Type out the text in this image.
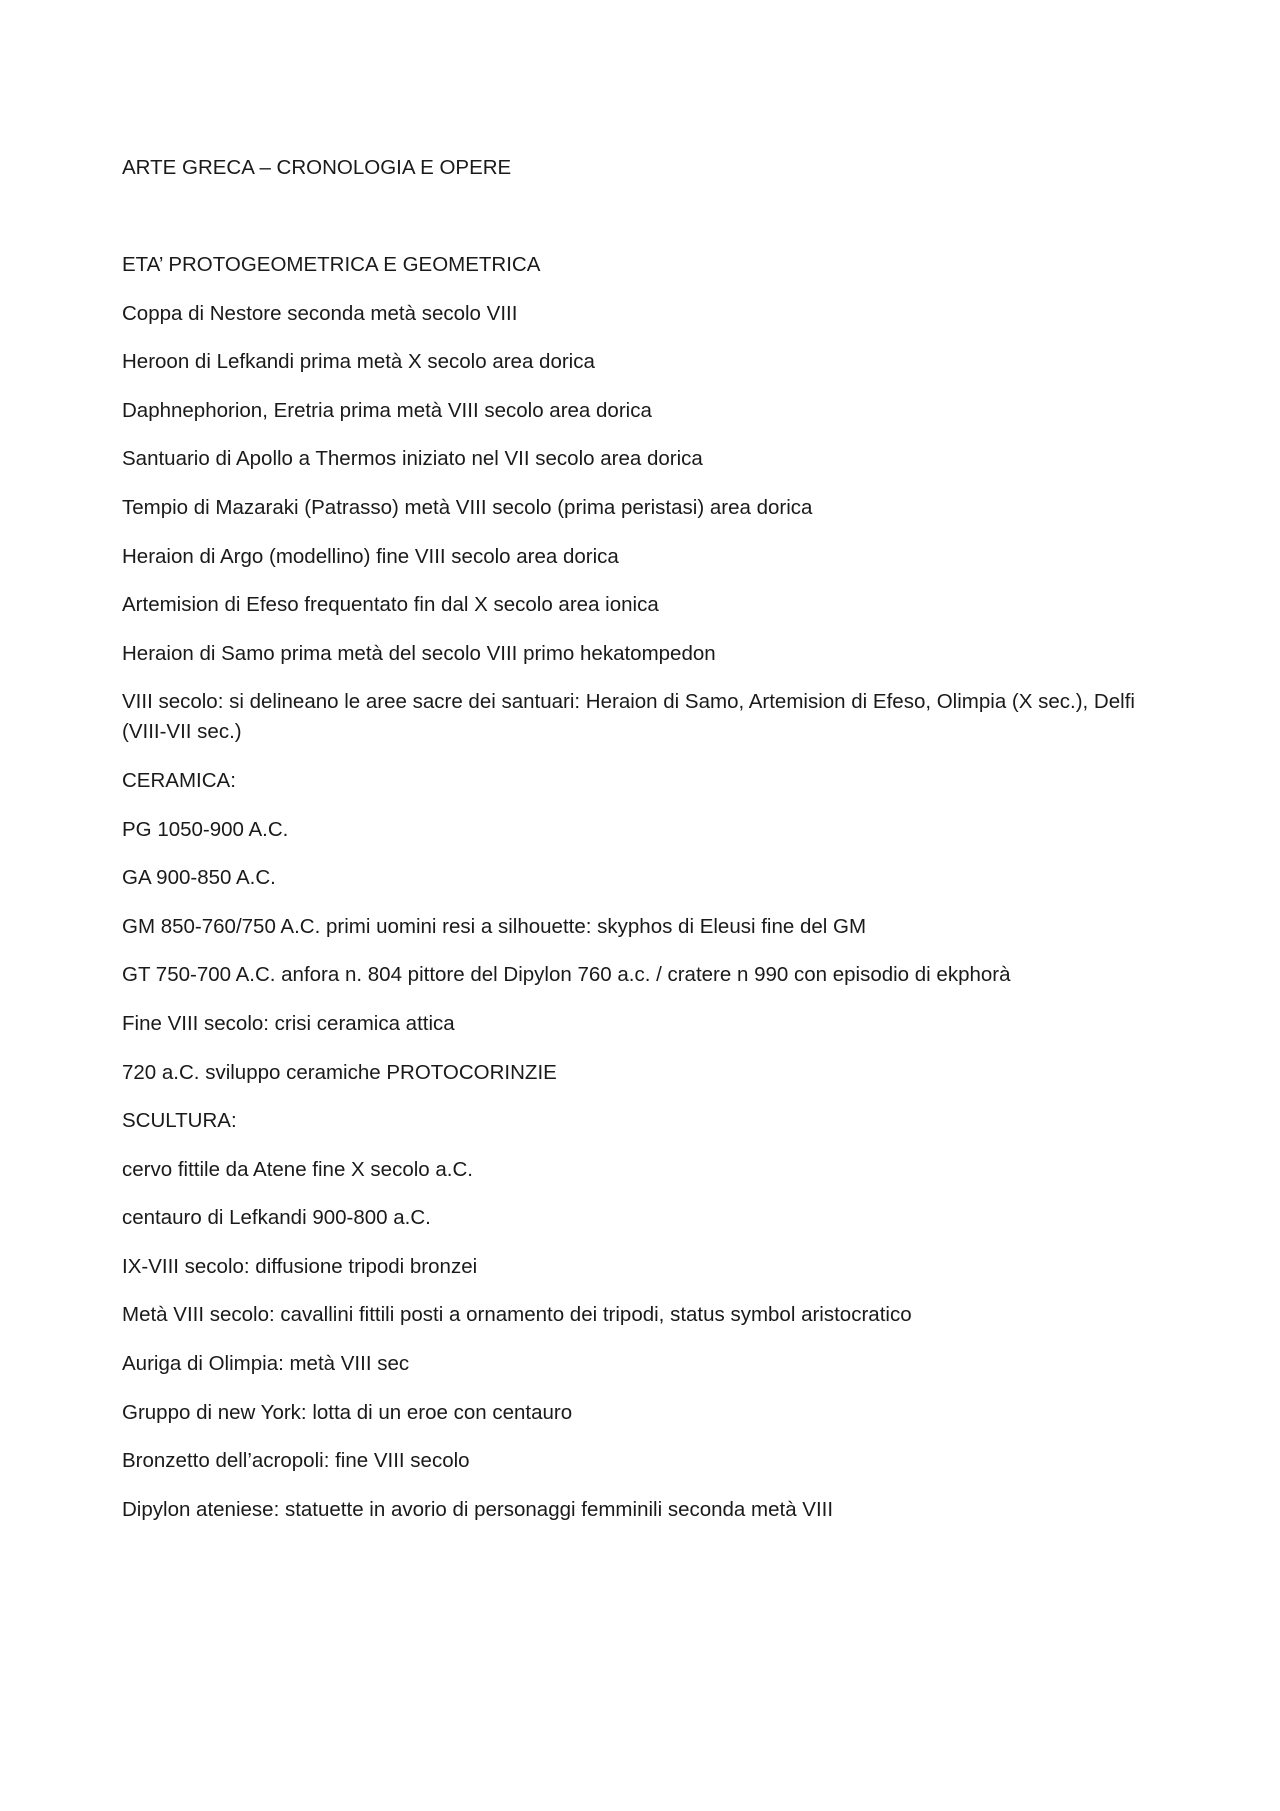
ARTE GRECA – CRONOLOGIA E OPERE

ETA’ PROTOGEOMETRICA E GEOMETRICA

Coppa di Nestore seconda metà secolo VIII

Heroon di Lefkandi prima metà X secolo area dorica

Daphnephorion, Eretria prima metà VIII secolo area dorica

Santuario di Apollo a Thermos iniziato nel VII secolo area dorica

Tempio di Mazaraki (Patrasso) metà VIII secolo (prima peristasi) area dorica

Heraion di Argo (modellino) fine VIII secolo area dorica

Artemision di Efeso frequentato fin dal X secolo area ionica

Heraion di Samo prima metà del secolo VIII primo hekatompedon

VIII secolo: si delineano le aree sacre dei santuari: Heraion di Samo, Artemision di Efeso, Olimpia (X sec.), Delfi (VIII-VII sec.)

CERAMICA:

PG 1050-900 A.C.

GA 900-850 A.C.

GM 850-760/750 A.C. primi uomini resi a silhouette: skyphos di Eleusi fine del GM

GT 750-700 A.C. anfora n. 804 pittore del Dipylon 760 a.c. / cratere n 990 con episodio di ekphorà

Fine VIII secolo: crisi ceramica attica

720 a.C. sviluppo ceramiche PROTOCORINZIE

SCULTURA:

cervo fittile da Atene fine X secolo a.C.

centauro di Lefkandi 900-800 a.C.

IX-VIII secolo: diffusione tripodi bronzei

Metà VIII secolo: cavallini fittili posti a ornamento dei tripodi, status symbol aristocratico

Auriga di Olimpia: metà VIII sec

Gruppo di new York: lotta di un eroe con centauro

Bronzetto dell’acropoli: fine VIII secolo

Dipylon ateniese: statuette in avorio di personaggi femminili seconda metà VIII
